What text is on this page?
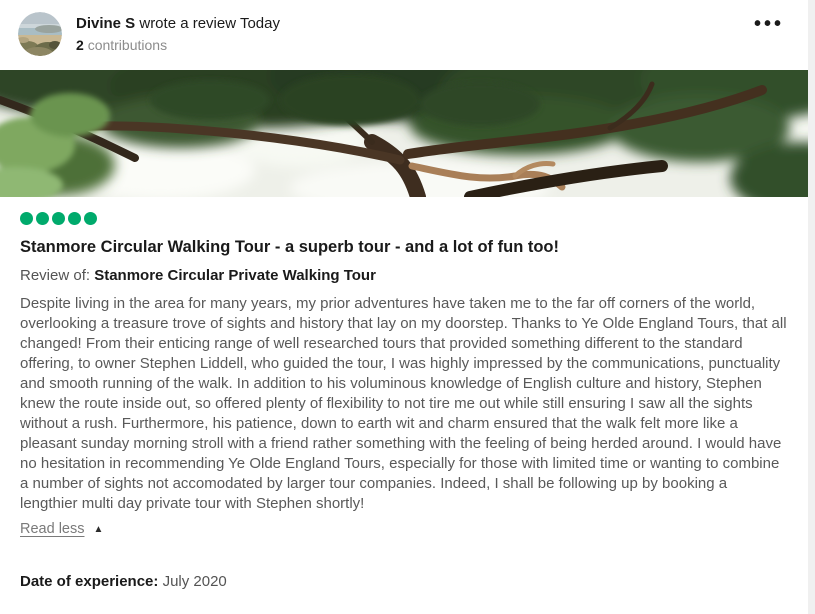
Divine S wrote a review Today
2 contributions
•••
Stanmore Circular Walking Tour - a superb tour - and a lot of fun too!
Review of: Stanmore Circular Private Walking Tour

Despite living in the area for many years, my prior adventures have taken me to the far off corners of the world, overlooking a treasure trove of sights and history that lay on my doorstep. Thanks to Ye Olde England Tours, that all changed! From their enticing range of well researched tours that provided something different to the standard offering, to owner Stephen Liddell, who guided the tour, I was highly impressed by the communications, punctuality and smooth running of the walk. In addition to his voluminous knowledge of English culture and history, Stephen knew the route inside out, so offered plenty of flexibility to not tire me out while still ensuring I saw all the sights without a rush. Furthermore, his patience, down to earth wit and charm ensured that the walk felt more like a pleasant sunday morning stroll with a friend rather something with the feeling of being herded around. I would have no hesitation in recommending Ye Olde England Tours, especially for those with limited time or wanting to combine a number of sights not accomodated by larger tour companies. Indeed, I shall be following up by booking a lengthier multi day private tour with Stephen shortly!

Read less ▲
Date of experience: July 2020
